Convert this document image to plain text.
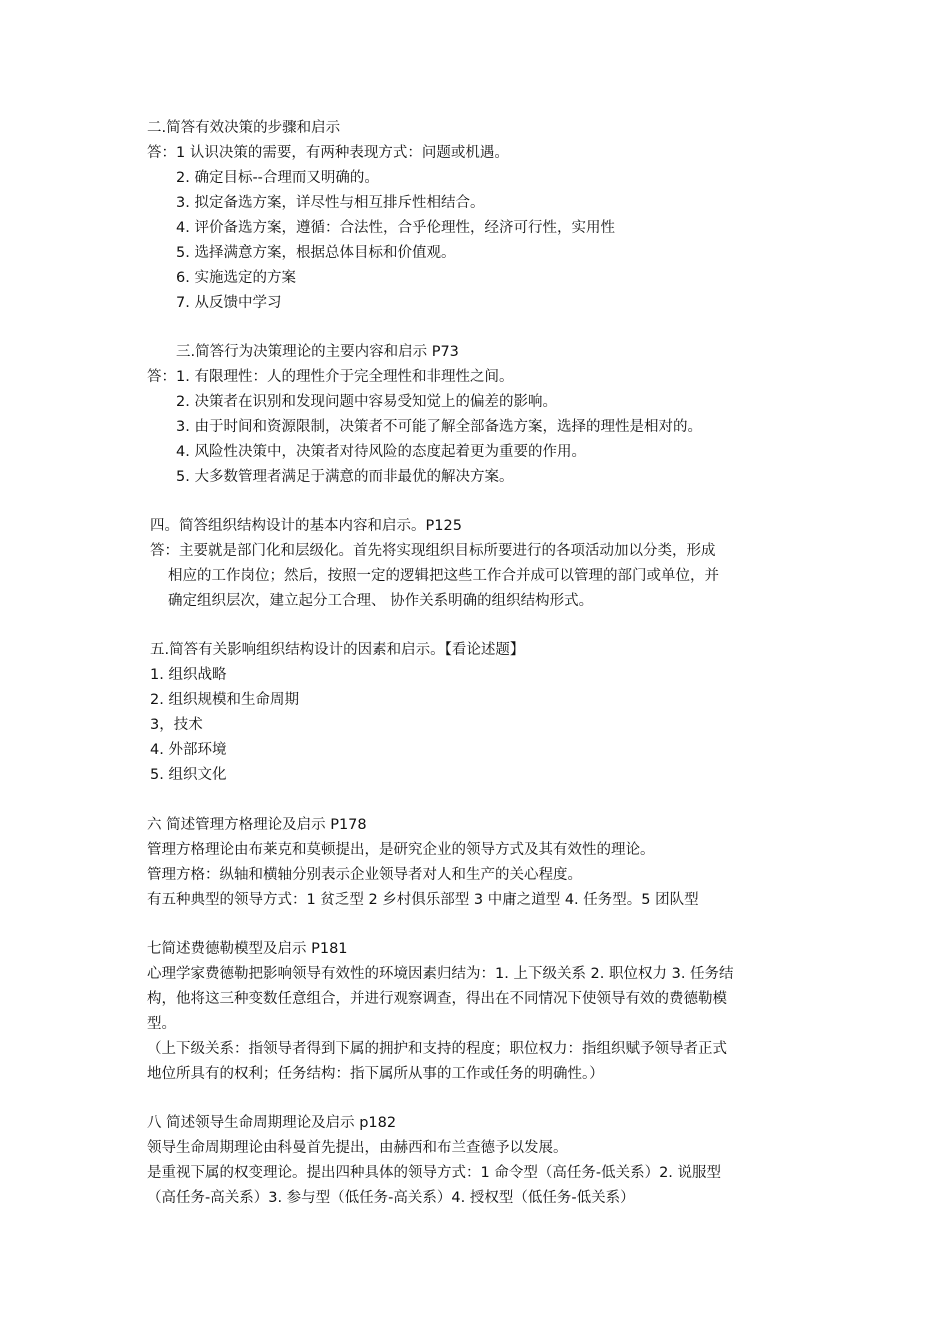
二.简答有效决策的步骤和启示
答：1 认识决策的需要，有两种表现方式：问题或机遇。
2. 确定目标--合理而又明确的。
3. 拟定备选方案，详尽性与相互排斥性相结合。
4. 评价备选方案，遵循：合法性，合乎伦理性，经济可行性，实用性
5. 选择满意方案，根据总体目标和价值观。
6. 实施选定的方案
7. 从反馈中学习
三.简答行为决策理论的主要内容和启示 P73
答：1. 有限理性：人的理性介于完全理性和非理性之间。
2. 决策者在识别和发现问题中容易受知觉上的偏差的影响。
3. 由于时间和资源限制，决策者不可能了解全部备选方案，选择的理性是相对的。
4. 风险性决策中，决策者对待风险的态度起着更为重要的作用。
5. 大多数管理者满足于满意的而非最优的解决方案。
四。简答组织结构设计的基本内容和启示。P125
答：主要就是部门化和层级化。首先将实现组织目标所要进行的各项活动加以分类，形成
相应的工作岗位；然后，按照一定的逻辑把这些工作合并成可以管理的部门或单位，并
确定组织层次，建立起分工合理、 协作关系明确的组织结构形式。
五.简答有关影响组织结构设计的因素和启示。【看论述题】
1. 组织战略
2. 组织规模和生命周期
3，技术
4. 外部环境
5. 组织文化
六 简述管理方格理论及启示 P178
管理方格理论由布莱克和莫顿提出，是研究企业的领导方式及其有效性的理论。
管理方格：纵轴和横轴分别表示企业领导者对人和生产的关心程度。
有五种典型的领导方式：1 贫乏型 2 乡村俱乐部型 3 中庸之道型 4. 任务型。5 团队型
七简述费德勒模型及启示 P181
心理学家费德勒把影响领导有效性的环境因素归结为：1. 上下级关系 2. 职位权力 3. 任务结
构，他将这三种变数任意组合，并进行观察调查，得出在不同情况下使领导有效的费德勒模
型。
（上下级关系：指领导者得到下属的拥护和支持的程度；职位权力：指组织赋予领导者正式
地位所具有的权利；任务结构：指下属所从事的工作或任务的明确性。）
八 简述领导生命周期理论及启示 p182
领导生命周期理论由科曼首先提出，由赫西和布兰查德予以发展。
是重视下属的权变理论。提出四种具体的领导方式：1 命令型（高任务-低关系）2. 说服型
（高任务-高关系）3. 参与型（低任务-高关系）4. 授权型（低任务-低关系）
